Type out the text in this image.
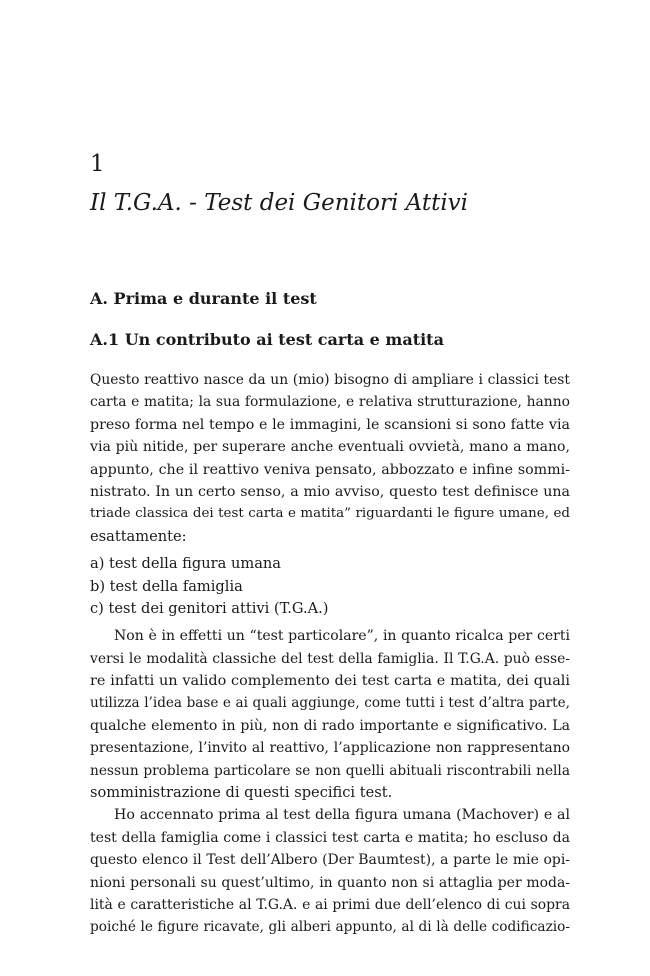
1
Il T.G.A. - Test dei Genitori Attivi
A. Prima e durante il test
A.1 Un contributo ai test carta e matita
Questo reattivo nasce da un (mio) bisogno di ampliare i classici test
carta e matita; la sua formulazione, e relativa strutturazione, hanno
preso forma nel tempo e le immagini, le scansioni si sono fatte via
via più nitide, per superare anche eventuali ovvietà, mano a mano,
appunto, che il reattivo veniva pensato, abbozzato e infine sommi-
nistrato. In un certo senso, a mio avviso, questo test definisce una
triade classica dei test carta e matita” riguardanti le figure umane, ed
esattamente:
a) test della figura umana
b) test della famiglia
c) test dei genitori attivi (T.G.A.)
Non è in effetti un “test particolare”, in quanto ricalca per certi
versi le modalità classiche del test della famiglia. Il T.G.A. può esse-
re infatti un valido complemento dei test carta e matita, dei quali
utilizza l’idea base e ai quali aggiunge, come tutti i test d’altra parte,
qualche elemento in più, non di rado importante e significativo. La
presentazione, l’invito al reattivo, l’applicazione non rappresentano
nessun problema particolare se non quelli abituali riscontrabili nella
somministrazione di questi specifici test.
Ho accennato prima al test della figura umana (Machover) e al
test della famiglia come i classici test carta e matita; ho escluso da
questo elenco il Test dell’Albero (Der Baumtest), a parte le mie opi-
nioni personali su quest’ultimo, in quanto non si attaglia per moda-
lità e caratteristiche al T.G.A. e ai primi due dell’elenco di cui sopra
poiché le figure ricavate, gli alberi appunto, al di là delle codificazio-
